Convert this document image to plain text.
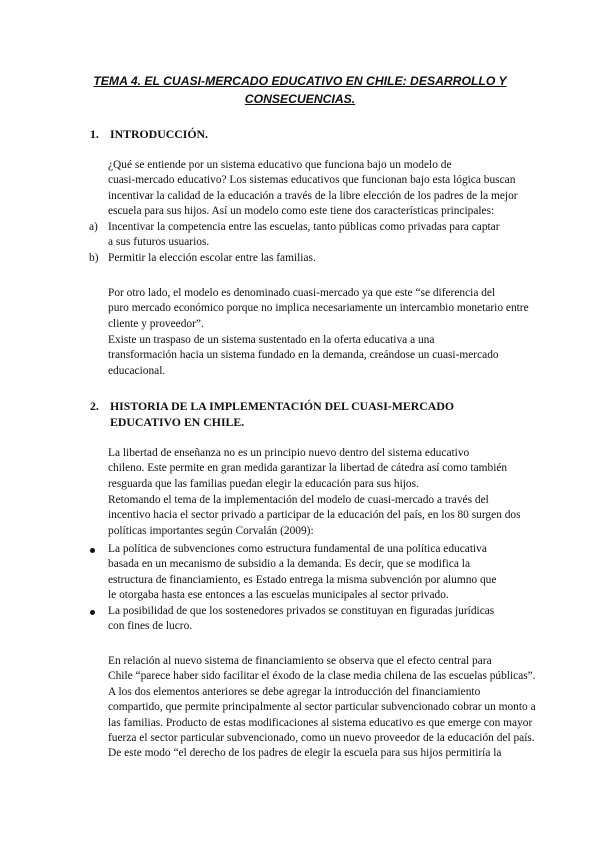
TEMA 4. EL CUASI-MERCADO EDUCATIVO EN CHILE: DESARROLLO Y
CONSECUENCIAS.
1. INTRODUCCIÓN.
¿Qué se entiende por un sistema educativo que funciona bajo un modelo de
cuasi-mercado educativo? Los sistemas educativos que funcionan bajo esta lógica buscan
incentivar la calidad de la educación a través de la libre elección de los padres de la mejor
escuela para sus hijos. Así un modelo como este tiene dos características principales:
a) Incentivar la competencia entre las escuelas, tanto públicas como privadas para captar
a sus futuros usuarios.
b) Permitir la elección escolar entre las familias.
Por otro lado, el modelo es denominado cuasi-mercado ya que este “se diferencia del
puro mercado económico porque no implica necesariamente un intercambio monetario entre
cliente y proveedor”.
Existe un traspaso de un sistema sustentado en la oferta educativa a una
transformación hacia un sistema fundado en la demanda, creándose un cuasi-mercado
educacional.
2. HISTORIA DE LA IMPLEMENTACIÓN DEL CUASI-MERCADO
EDUCATIVO EN CHILE.
La libertad de enseñanza no es un principio nuevo dentro del sistema educativo
chileno. Este permite en gran medida garantizar la libertad de cátedra así como también
resguarda que las familias puedan elegir la educación para sus hijos.
Retomando el tema de la implementación del modelo de cuasi-mercado a través del
incentivo hacia el sector privado a participar de la educación del país, en los 80 surgen dos
políticas importantes según Corvalán (2009):
La política de subvenciones como estructura fundamental de una política educativa
basada en un mecanismo de subsidio a la demanda. Es decir, que se modifica la
estructura de financiamiento, es Estado entrega la misma subvención por alumno que
le otorgaba hasta ese entonces a las escuelas municipales al sector privado.
La posibilidad de que los sostenedores privados se constituyan en figuradas jurídicas
con fines de lucro.
En relación al nuevo sistema de financiamiento se observa que el efecto central para
Chile “parece haber sido facilitar el éxodo de la clase media chilena de las escuelas públicas”.
A los dos elementos anteriores se debe agregar la introducción del financiamiento
compartido, que permite principalmente al sector particular subvencionado cobrar un monto a
las familias. Producto de estas modificaciones al sistema educativo es que emerge con mayor
fuerza el sector particular subvencionado, como un nuevo proveedor de la educación del país.
De este modo “el derecho de los padres de elegir la escuela para sus hijos permitiría la
